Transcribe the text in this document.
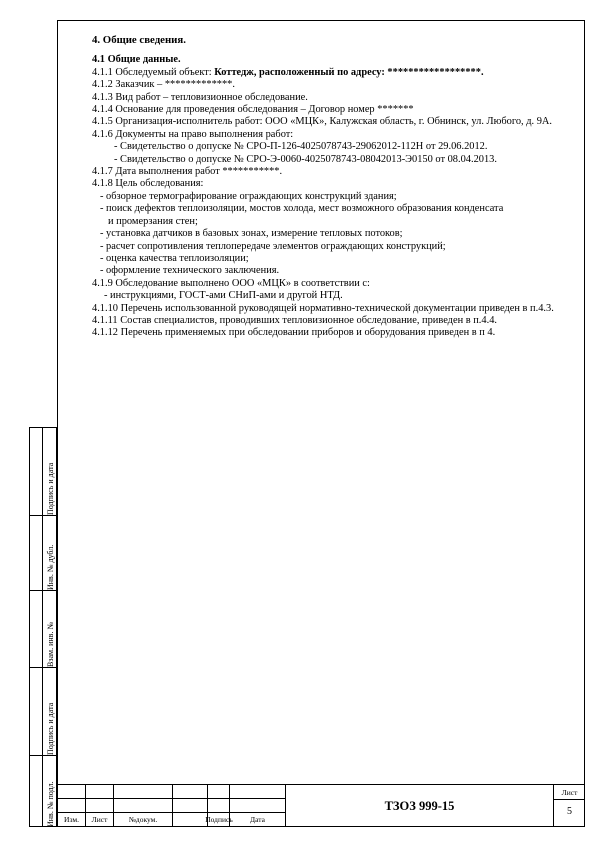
4. Общие сведения.

4.1 Общие данные.

4.1.1 Обследуемый объект: Коттедж, расположенный по адресу: ******************.

4.1.2 Заказчик – *************.

4.1.3 Вид работ – тепловизионное обследование.

4.1.4 Основание для проведения обследования – Договор номер *******

4.1.5 Организация-исполнитель работ: ООО «МЦК», Калужская область, г. Обнинск, ул. Любого, д. 9А.

4.1.6 Документы на право выполнения работ:

- Свидетельство о допуске № СРО-П-126-4025078743-29062012-112Н от 29.06.2012.

- Свидетельство о допуске № СРО-Э-0060-4025078743-08042013-Э0150 от 08.04.2013.

4.1.7 Дата выполнения работ ***********.

4.1.8 Цель обследования:

- обзорное термографирование ограждающих конструкций здания;

- поиск дефектов теплоизоляции, мостов холода, мест возможного образования конденсата

и промерзания стен;

- установка датчиков в базовых зонах, измерение тепловых потоков;

- расчет сопротивления теплопередаче элементов ограждающих конструкций;

- оценка качества теплоизоляции;

- оформление технического заключения.

4.1.9 Обследование выполнено ООО «МЦК» в соответствии с:

- инструкциями, ГОСТ-ами СНиП-ами и другой НТД.

4.1.10 Перечень использованной руководящей нормативно-технической документации приведен в п.4.3.

4.1.11 Состав специалистов, проводивших тепловизионное обследование, приведен в п.4.4.

4.1.12 Перечень применяемых при обследовании приборов и оборудования приведен в п 4.

Подпись и дата
Инв. № дубл.
Взам. инв. №
Подпись и дата
Инв. № подл.	Изм.	Лист	№докум.	Подпись	Дата
ТЗОЗ 999-15
Лист
5
